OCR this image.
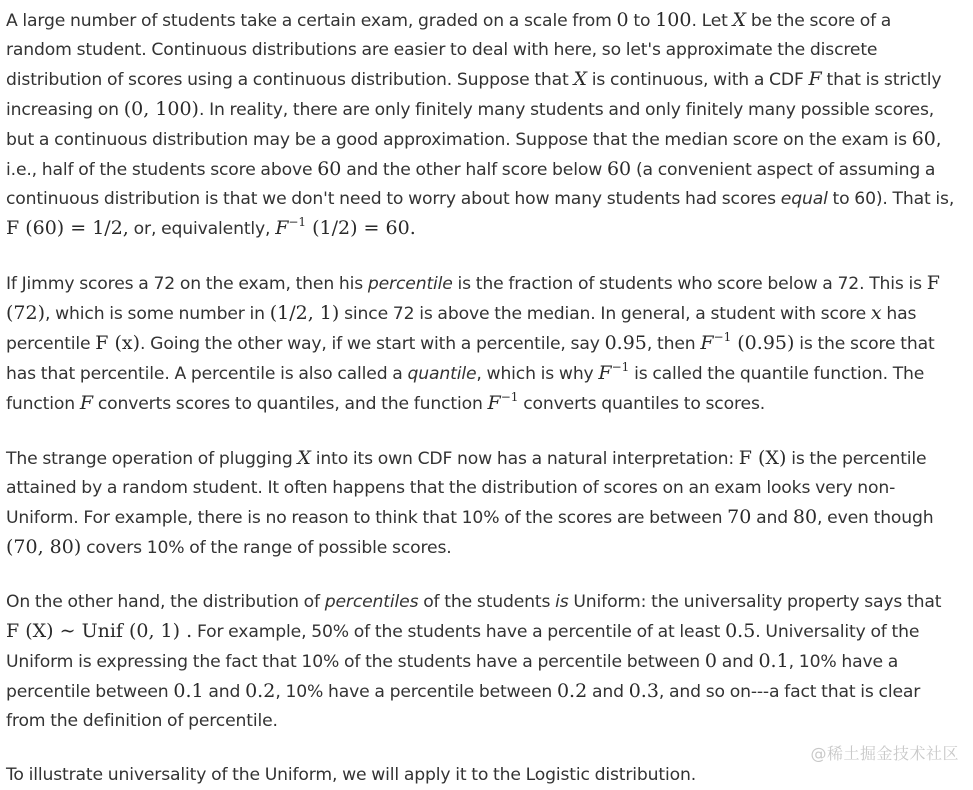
A large number of students take a certain exam, graded on a scale from 0 to 100. Let X be the score of a random student. Continuous distributions are easier to deal with here, so let's approximate the discrete distribution of scores using a continuous distribution. Suppose that X is continuous, with a CDF F that is strictly increasing on (0, 100). In reality, there are only finitely many students and only finitely many possible scores, but a continuous distribution may be a good approximation. Suppose that the median score on the exam is 60, i.e., half of the students score above 60 and the other half score below 60 (a convenient aspect of assuming a continuous distribution is that we don't need to worry about how many students had scores equal to 60). That is, F (60) = 1/2, or, equivalently, $F^{-1}$ (1/2) = 60.

If Jimmy scores a 72 on the exam, then his percentile is the fraction of students who score below a 72. This is F (72), which is some number in (1/2, 1) since 72 is above the median. In general, a student with score x has percentile F (x). Going the other way, if we start with a percentile, say 0.95, then $F^{-1}$ (0.95) is the score that has that percentile. A percentile is also called a quantile, which is why $F^{-1}$ is called the quantile function. The function F converts scores to quantiles, and the function $F^{-1}$ converts quantiles to scores.

The strange operation of plugging X into its own CDF now has a natural interpretation: F (X) is the percentile attained by a random student. It often happens that the distribution of scores on an exam looks very non-Uniform. For example, there is no reason to think that 10% of the scores are between 70 and 80, even though (70, 80) covers 10% of the range of possible scores.

On the other hand, the distribution of percentiles of the students is Uniform: the universality property says that F (X) ∼ Unif (0, 1) . For example, 50% of the students have a percentile of at least 0.5. Universality of the Uniform is expressing the fact that 10% of the students have a percentile between 0 and 0.1, 10% have a percentile between 0.1 and 0.2, 10% have a percentile between 0.2 and 0.3, and so on---a fact that is clear from the definition of percentile.

To illustrate universality of the Uniform, we will apply it to the Logistic distribution.

@稀土掘金技术社区
